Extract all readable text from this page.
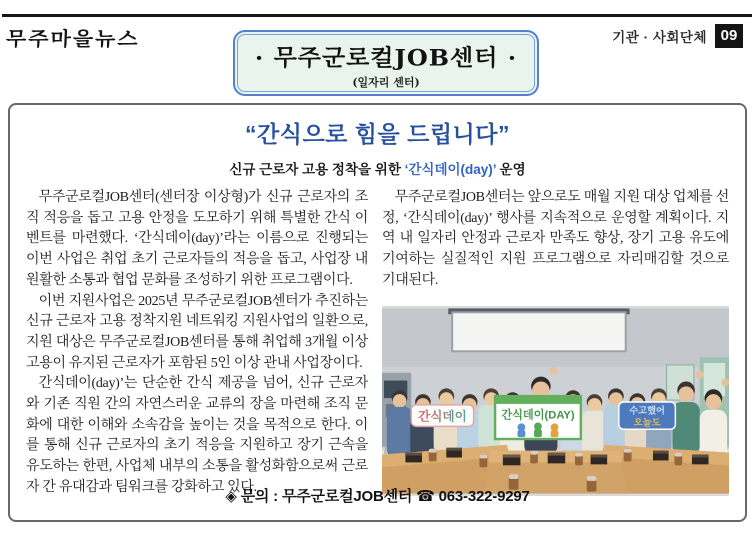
무주마을뉴스	기관 · 사회단체 09
· 무주군로컬JOB센터 ·
(일자리 센터)
“간식으로 힘을 드립니다”
신규 근로자 고용 정착을 위한 ‘간식데이(day)’ 운영

무주군로컬JOB센터(센터장 이상형)가 신규 근로자의 조직 적응을 돕고 고용 안정을 도모하기 위해 특별한 간식 이벤트를 마련했다. ‘간식데이(day)’라는 이름으로 진행되는 이번 사업은 취업 초기 근로자들의 적응을 돕고, 사업장 내 원활한 소통과 협업 문화를 조성하기 위한 프로그램이다.

이번 지원사업은 2025년 무주군로컬JOB센터가 추진하는 신규 근로자 고용 정착지원 네트워킹 지원사업의 일환으로, 지원 대상은 무주군로컬JOB센터를 통해 취업해 3개월 이상 고용이 유지된 근로자가 포함된 5인 이상 관내 사업장이다.

간식데이(day)’는 단순한 간식 제공을 넘어, 신규 근로자와 기존 직원 간의 자연스러운 교류의 장을 마련해 조직 문화에 대한 이해와 소속감을 높이는 것을 목적으로 한다. 이를 통해 신규 근로자의 초기 적응을 지원하고 장기 근속을 유도하는 한편, 사업체 내부의 소통을 활성화함으로써 근로자 간 유대감과 팀워크를 강화하고 있다.

무주군로컬JOB센터는 앞으로도 매월 지원 대상 업체를 선정, ‘간식데이(day)’ 행사를 지속적으로 운영할 계획이다. 지역 내 일자리 안정과 근로자 만족도 향상, 장기 고용 유도에 기여하는 실질적인 지원 프로그램으로 자리매김할 것으로 기대된다.

간식데이	간식데이(DAY)	수고했어
오늘도
◈ 문의 : 무주군로컬JOB센터 ☎ 063-322-9297
